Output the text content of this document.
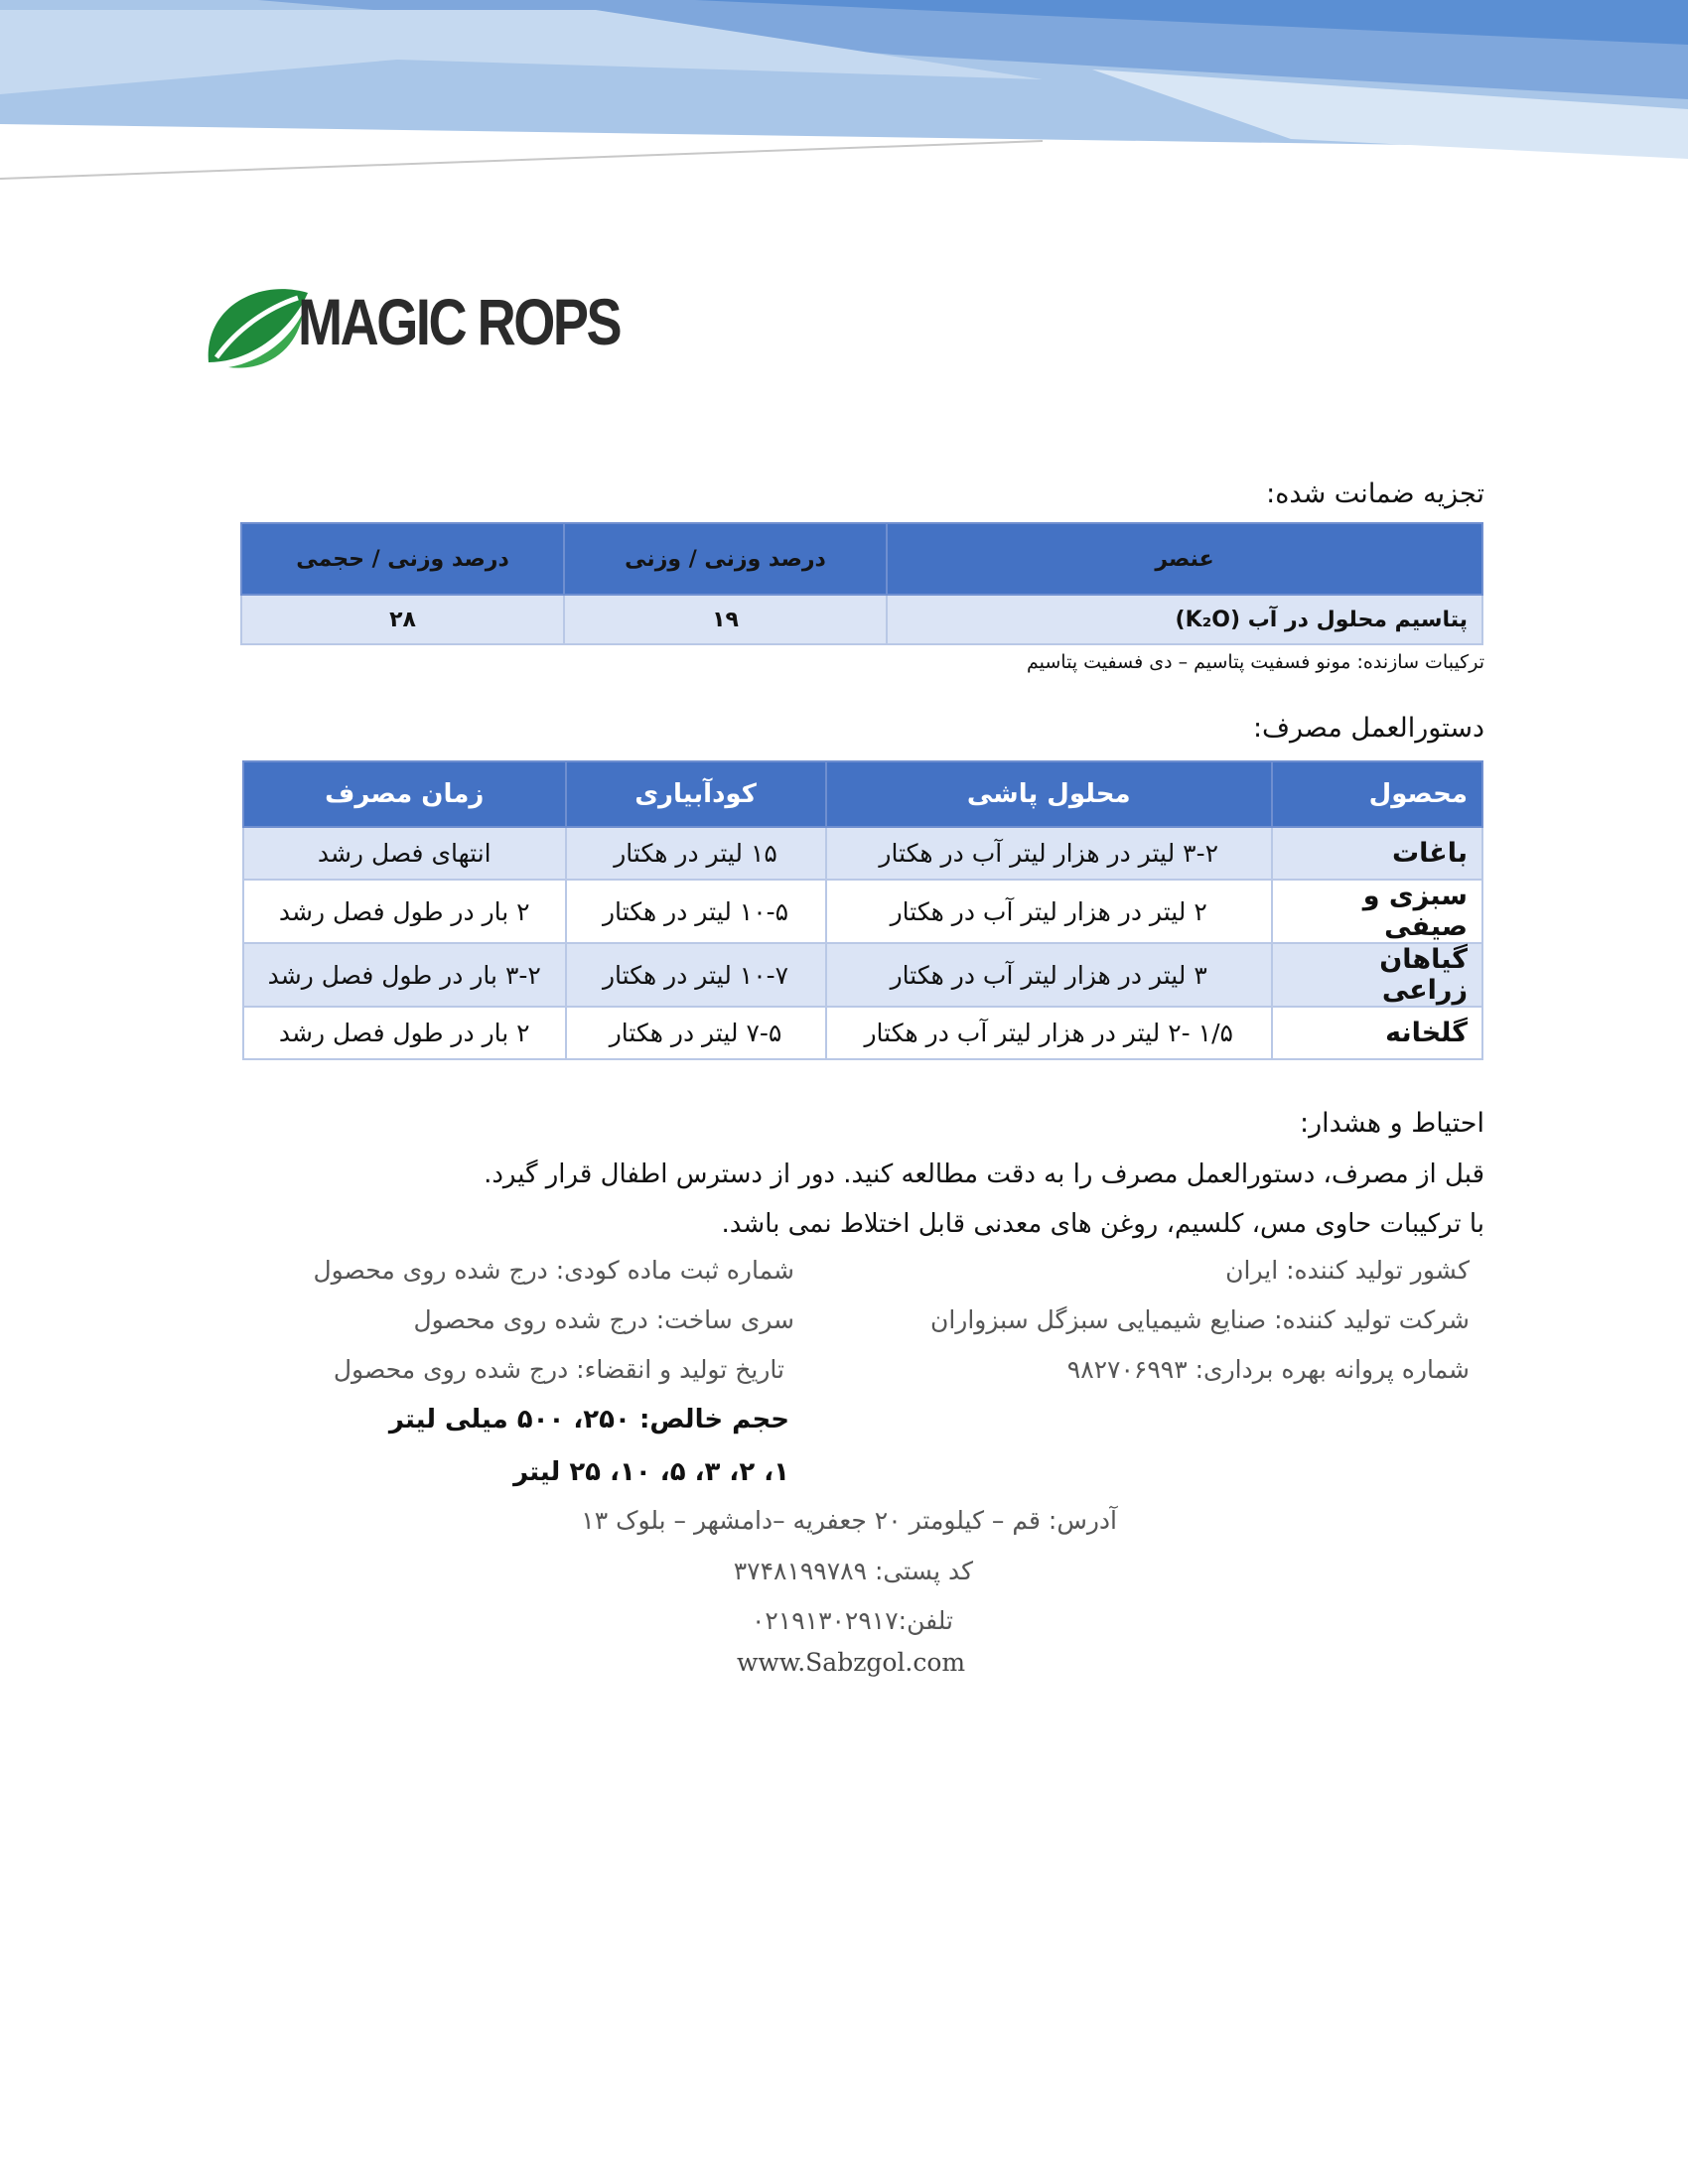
MAGIC ROPS
تجزیه ضمانت شده:
عنصر	درصد وزنی / وزنی	درصد وزنی / حجمی
پتاسیم محلول در آب (K₂O)	۱۹	۲۸
ترکیبات سازنده: مونو فسفیت پتاسیم – دی فسفیت پتاسیم
دستورالعمل مصرف:
محصول	محلول پاشی	کودآبیاری	زمان مصرف
باغات	۳-۲ لیتر در هزار لیتر آب در هکتار	۱۵ لیتر در هکتار	انتهای فصل رشد
سبزی و صیفی	۲ لیتر در هزار لیتر آب در هکتار	۱۰-۵ لیتر در هکتار	۲ بار در طول فصل رشد
گیاهان زراعی	۳ لیتر در هزار لیتر آب در هکتار	۱۰-۷ لیتر در هکتار	۳-۲ بار در طول فصل رشد
گلخانه	۱/۵ -۲ لیتر در هزار لیتر آب در هکتار	۷-۵ لیتر در هکتار	۲ بار در طول فصل رشد
احتیاط و هشدار:
قبل از مصرف، دستورالعمل مصرف را به دقت مطالعه کنید. دور از دسترس اطفال قرار گیرد.
با ترکیبات حاوی مس، کلسیم، روغن های معدنی قابل اختلاط نمی باشد.
کشور تولید کننده: ایران
شرکت تولید کننده: صنایع شیمیایی سبزگل سبزواران
شماره پروانه بهره برداری: ۹۸۲۷۰۶۹۹۳
شماره ثبت ماده کودی: درج شده روی محصول
سری ساخت: درج شده روی محصول
تاریخ تولید و انقضاء: درج شده روی محصول
حجم خالص: ۲۵۰، ۵۰۰ میلی لیتر
۱، ۲، ۳، ۵، ۱۰، ۲۵ لیتر
آدرس: قم – کیلومتر ۲۰ جعفریه –دامشهر – بلوک ۱۳
کد پستی: ۳۷۴۸۱۹۹۷۸۹
تلفن:۰۲۱۹۱۳۰۲۹۱۷
www.Sabzgol.com
